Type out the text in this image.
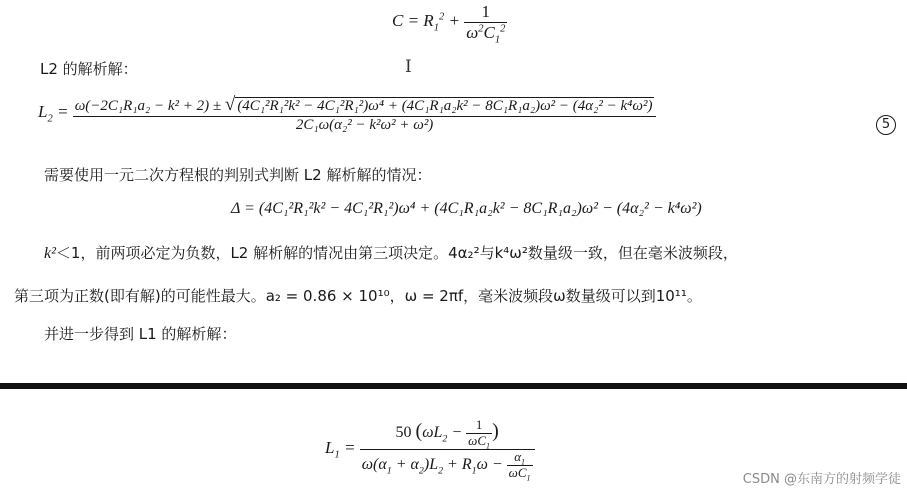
$C = R_1^2 + \frac{1}{\omega^2C_1^2}$
I
L2 的解析解：
$L_2 = \omega(-2C_1R_1a_2 - k^2 + 2)$ ± √ (4C₁²R₁²k² − 4C₁²R₁²)ω⁴ + (4C₁R₁a₂k² − 8C₁R₁a₂)ω² − (4α₂² − k⁴ω²)
2C₁ω(α₂² − k²ω² + ω²)	5
需要使用一元二次方程根的判别式判断 L2 解析解的情况：
Δ = (4C₁²R₁²k² − 4C₁²R₁²)ω⁴ + (4C₁R₁a₂k² − 8C₁R₁a₂)ω² − (4α₂² − k⁴ω²)
k²＜1，前两项必定为负数，L2 解析解的情况由第三项决定。4α₂²与k⁴ω²数量级一致，但在毫米波频段，
第三项为正数(即有解)的可能性最大。a₂ = 0.86 × 10¹⁰，ω = 2πf，毫米波频段ω数量级可以到10¹¹。
并进一步得到 L1 的解析解：
$L_1 = \frac{50 (\omega L_2 - \frac{1}{\omega C_1} )}{\omega(\alpha_1 + \alpha_2)L_2 + R_1\omega - \frac{\alpha_1}{\omega C_1}}$	CSDN @东南方的射频学徒
